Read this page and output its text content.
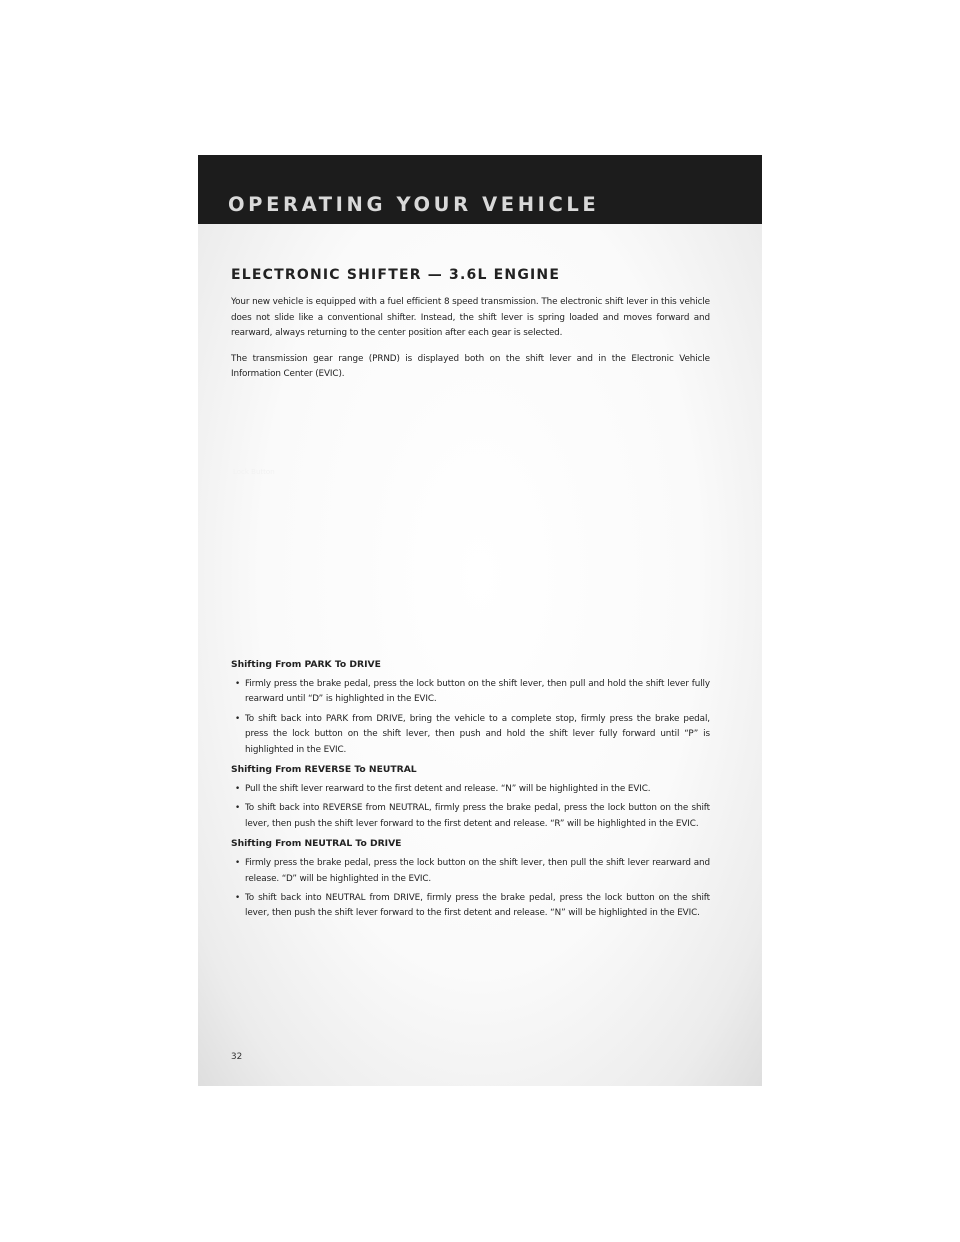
OPERATING YOUR VEHICLE
ELECTRONIC SHIFTER — 3.6L ENGINE

Your new vehicle is equipped with a fuel efficient 8 speed transmission. The electronic shift lever in this vehicle does not slide like a conventional shifter. Instead, the shift lever is spring loaded and moves forward and rearward, always returning to the center position after each gear is selected.

The transmission gear range (PRND) is displayed both on the shift lever and in the Electronic Vehicle Information Center (EVIC).

Lock Button
Shifting From PARK To DRIVE
• Firmly press the brake pedal, press the lock button on the shift lever, then pull and hold the shift lever fully rearward until “D” is highlighted in the EVIC.
• To shift back into PARK from DRIVE, bring the vehicle to a complete stop, firmly press the brake pedal, press the lock button on the shift lever, then push and hold the shift lever fully forward until “P” is highlighted in the EVIC.
Shifting From REVERSE To NEUTRAL
• Pull the shift lever rearward to the first detent and release. “N” will be highlighted in the EVIC.
• To shift back into REVERSE from NEUTRAL, firmly press the brake pedal, press the lock button on the shift lever, then push the shift lever forward to the first detent and release. “R” will be highlighted in the EVIC.
Shifting From NEUTRAL To DRIVE
• Firmly press the brake pedal, press the lock button on the shift lever, then pull the shift lever rearward and release. “D” will be highlighted in the EVIC.
• To shift back into NEUTRAL from DRIVE, firmly press the brake pedal, press the lock button on the shift lever, then push the shift lever forward to the first detent and release. “N” will be highlighted in the EVIC.
32
